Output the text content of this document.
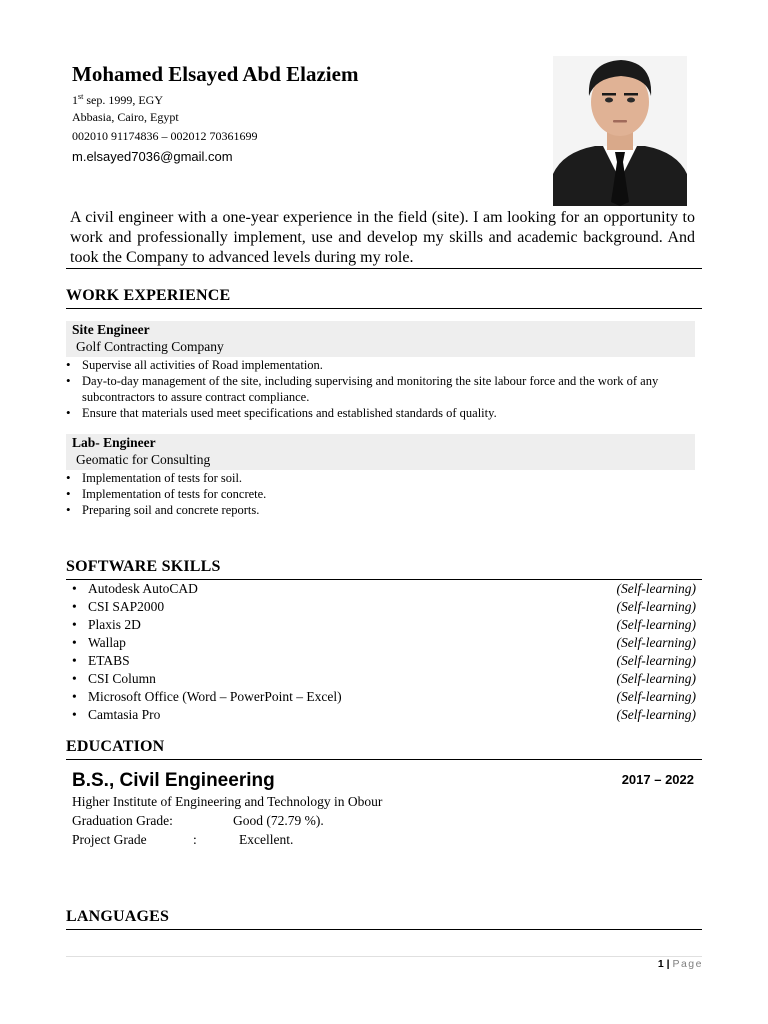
Mohamed Elsayed Abd Elaziem
1st sep. 1999, EGY
Abbasia, Cairo, Egypt
002010 91174836 – 002012 70361699
m.elsayed7036@gmail.com
A civil engineer with a one-year experience in the field (site). I am looking for an opportunity to work and professionally implement, use and develop my skills and academic background. And took the Company to advanced levels during my role.
WORK EXPERIENCE
Site Engineer
Golf Contracting Company
• Supervise all activities of Road implementation.
• Day-to-day management of the site, including supervising and monitoring the site labour force and the work of any subcontractors to assure contract compliance.
• Ensure that materials used meet specifications and established standards of quality.
Lab- Engineer
Geomatic for Consulting
• Implementation of tests for soil.
• Implementation of tests for concrete.
• Preparing soil and concrete reports.
SOFTWARE SKILLS
• Autodesk AutoCAD	(Self-learning)
• CSI SAP2000	(Self-learning)
• Plaxis 2D	(Self-learning)
• Wallap	(Self-learning)
• ETABS	(Self-learning)
• CSI Column	(Self-learning)
• Microsoft Office (Word – PowerPoint – Excel)	(Self-learning)
• Camtasia Pro	(Self-learning)
EDUCATION
B.S., Civil Engineering	2017 – 2022
Higher Institute of Engineering and Technology in Obour
Graduation Grade:	Good (72.79 %).
Project Grade	:	Excellent.
LANGUAGES
1 | Page
